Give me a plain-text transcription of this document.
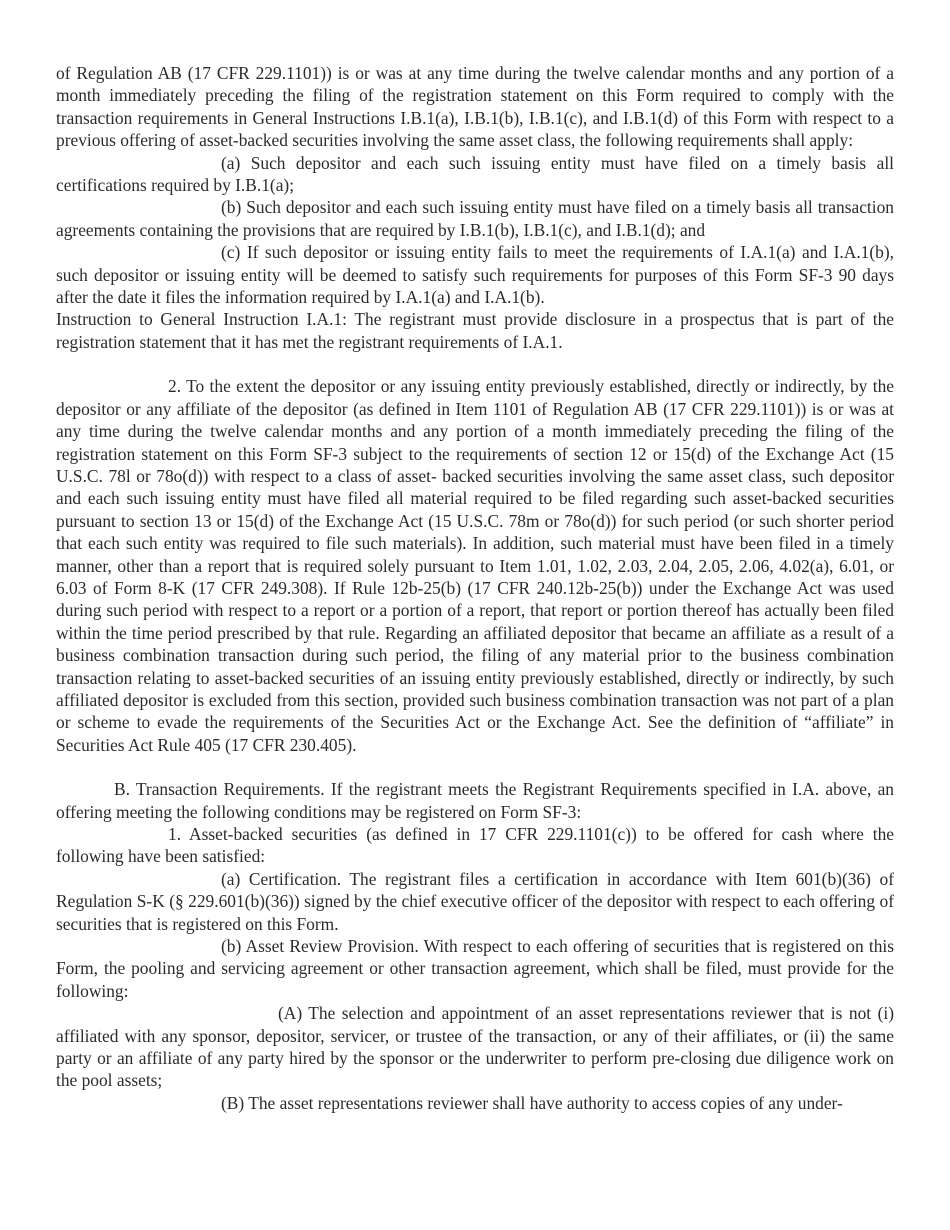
of Regulation AB (17 CFR 229.1101)) is or was at any time during the twelve calendar months and any portion of a month immediately preceding the filing of the registration statement on this Form required to comply with the transaction requirements in General Instructions I.B.1(a), I.B.1(b), I.B.1(c), and I.B.1(d) of this Form with respect to a previous offering of asset-backed securities involving the same asset class, the following requirements shall apply:

(a) Such depositor and each such issuing entity must have filed on a timely basis all certifications required by I.B.1(a);

(b) Such depositor and each such issuing entity must have filed on a timely basis all transaction agreements containing the provisions that are required by I.B.1(b), I.B.1(c), and I.B.1(d); and

(c) If such depositor or issuing entity fails to meet the requirements of I.A.1(a) and I.A.1(b), such depositor or issuing entity will be deemed to satisfy such requirements for purposes of this Form SF-3 90 days after the date it files the information required by I.A.1(a) and I.A.1(b).

Instruction to General Instruction I.A.1: The registrant must provide disclosure in a prospectus that is part of the registration statement that it has met the registrant requirements of I.A.1.

2. To the extent the depositor or any issuing entity previously established, directly or indirectly, by the depositor or any affiliate of the depositor (as defined in Item 1101 of Regulation AB (17 CFR 229.1101)) is or was at any time during the twelve calendar months and any portion of a month immediately preceding the filing of the registration statement on this Form SF-3 subject to the requirements of section 12 or 15(d) of the Exchange Act (15 U.S.C. 78l or 78o(d)) with respect to a class of asset- backed securities involving the same asset class, such depositor and each such issuing entity must have filed all material required to be filed regarding such asset-backed securities pursuant to section 13 or 15(d) of the Exchange Act (15 U.S.C. 78m or 78o(d)) for such period (or such shorter period that each such entity was required to file such materials). In addition, such material must have been filed in a timely manner, other than a report that is required solely pursuant to Item 1.01, 1.02, 2.03, 2.04, 2.05, 2.06, 4.02(a), 6.01, or 6.03 of Form 8-K (17 CFR 249.308). If Rule 12b-25(b) (17 CFR 240.12b-25(b)) under the Exchange Act was used during such period with respect to a report or a portion of a report, that report or portion thereof has actually been filed within the time period prescribed by that rule. Regarding an affiliated depositor that became an affiliate as a result of a business combination transaction during such period, the filing of any material prior to the business combination transaction relating to asset-backed securities of an issuing entity previously established, directly or indirectly, by such affiliated depositor is excluded from this section, provided such business combination transaction was not part of a plan or scheme to evade the requirements of the Securities Act or the Exchange Act. See the definition of “affiliate” in Securities Act Rule 405 (17 CFR 230.405).

B. Transaction Requirements. If the registrant meets the Registrant Requirements specified in I.A. above, an offering meeting the following conditions may be registered on Form SF-3:

1. Asset-backed securities (as defined in 17 CFR 229.1101(c)) to be offered for cash where the following have been satisfied:

(a) Certification. The registrant files a certification in accordance with Item 601(b)(36) of Regulation S-K (§ 229.601(b)(36)) signed by the chief executive officer of the depositor with respect to each offering of securities that is registered on this Form.

(b) Asset Review Provision. With respect to each offering of securities that is registered on this Form, the pooling and servicing agreement or other transaction agreement, which shall be filed, must provide for the following:

(A) The selection and appointment of an asset representations reviewer that is not (i) affiliated with any sponsor, depositor, servicer, or trustee of the transaction, or any of their affiliates, or (ii) the same party or an affiliate of any party hired by the sponsor or the underwriter to perform pre-closing due diligence work on the pool assets;

(B) The asset representations reviewer shall have authority to access copies of any under-
